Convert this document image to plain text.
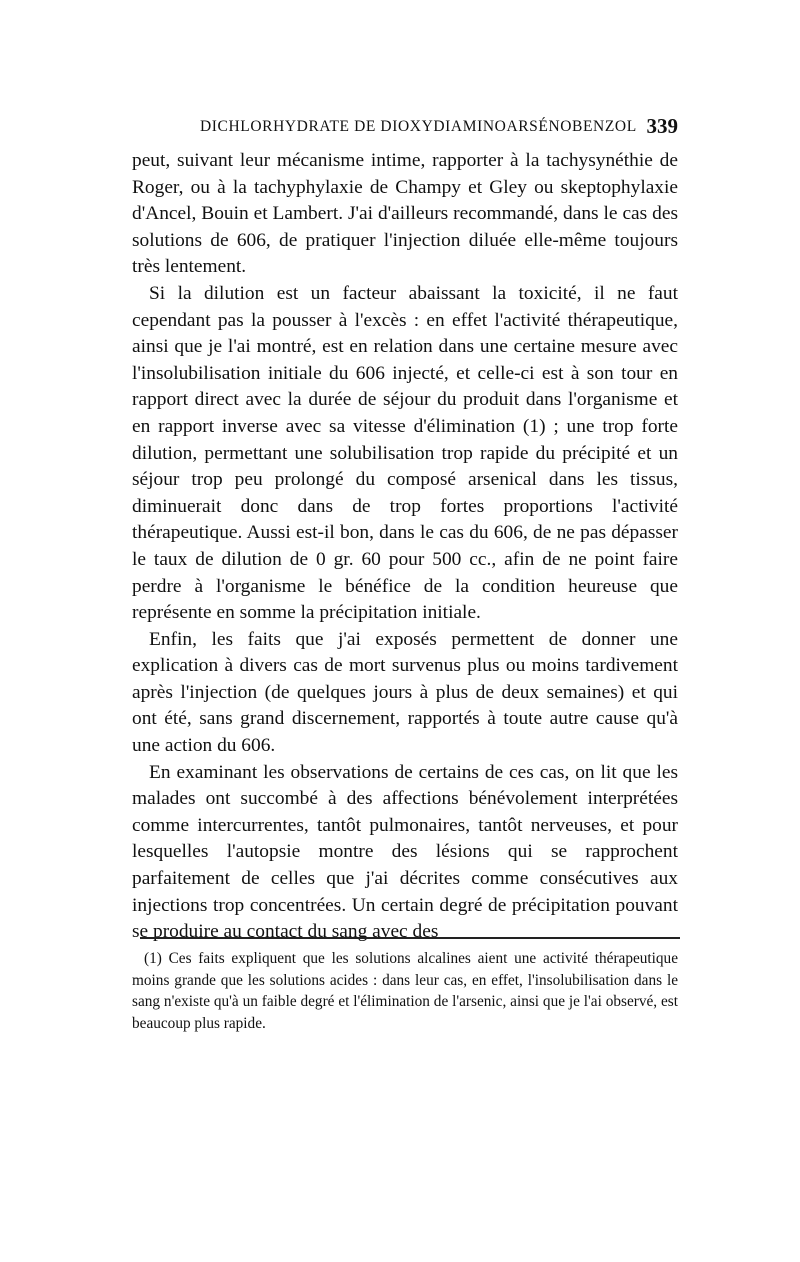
DICHLORHYDRATE DE DIOXYDIAMINOARSÉNOBENZOL 339

peut, suivant leur mécanisme intime, rapporter à la tachysynéthie de Roger, ou à la tachyphylaxie de Champy et Gley ou skeptophylaxie d'Ancel, Bouin et Lambert. J'ai d'ailleurs recommandé, dans le cas des solutions de 606, de pratiquer l'injection diluée elle-même toujours très lentement.

Si la dilution est un facteur abaissant la toxicité, il ne faut cependant pas la pousser à l'excès : en effet l'activité thérapeutique, ainsi que je l'ai montré, est en relation dans une certaine mesure avec l'insolubilisation initiale du 606 injecté, et celle-ci est à son tour en rapport direct avec la durée de séjour du produit dans l'organisme et en rapport inverse avec sa vitesse d'élimination (1) ; une trop forte dilution, permettant une solubilisation trop rapide du précipité et un séjour trop peu prolongé du composé arsenical dans les tissus, diminuerait donc dans de trop fortes proportions l'activité thérapeutique. Aussi est-il bon, dans le cas du 606, de ne pas dépasser le taux de dilution de 0 gr. 60 pour 500 cc., afin de ne point faire perdre à l'organisme le bénéfice de la condition heureuse que représente en somme la précipitation initiale.

Enfin, les faits que j'ai exposés permettent de donner une explication à divers cas de mort survenus plus ou moins tardivement après l'injection (de quelques jours à plus de deux semaines) et qui ont été, sans grand discernement, rapportés à toute autre cause qu'à une action du 606.

En examinant les observations de certains de ces cas, on lit que les malades ont succombé à des affections bénévolement interprétées comme intercurrentes, tantôt pulmonaires, tantôt nerveuses, et pour lesquelles l'autopsie montre des lésions qui se rapprochent parfaitement de celles que j'ai décrites comme consécutives aux injections trop concentrées. Un certain degré de précipitation pouvant se produire au contact du sang avec des

(1) Ces faits expliquent que les solutions alcalines aient une activité thérapeutique moins grande que les solutions acides : dans leur cas, en effet, l'insolubilisation dans le sang n'existe qu'à un faible degré et l'élimination de l'arsenic, ainsi que je l'ai observé, est beaucoup plus rapide.
